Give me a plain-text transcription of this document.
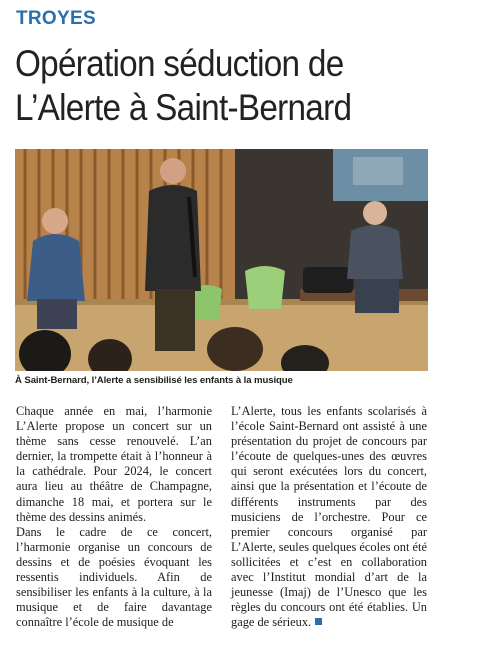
TROYES
Opération séduction de L’Alerte à Saint-Bernard
À Saint-Bernard, l’Alerte a sensibilisé les enfants à la musique

Chaque année en mai, l’harmonie L’Alerte propose un concert sur un thème sans cesse renouvelé. L’an dernier, la trompette était à l’honneur à la cathédrale. Pour 2024, le concert aura lieu au théâtre de Champagne, dimanche 18 mai, et portera sur le thème des dessins animés.

Dans le cadre de ce concert, l’harmonie organise un concours de dessins et de poésies évoquant les ressentis individuels. Afin de sensibiliser les enfants à la culture, à la musique et de faire davantage connaître l’école de musique de

L’Alerte, tous les enfants scolarisés à l’école Saint-Bernard ont assisté à une présentation du projet de concours par l’écoute de quelques-unes des œuvres qui seront exécutées lors du concert, ainsi que la présentation et l’écoute de différents instruments par des musiciens de l’orchestre. Pour ce premier concours organisé par L’Alerte, seules quelques écoles ont été sollicitées et c’est en collaboration avec l’Institut mondial d’art de la jeunesse (Imaj) de l’Unesco que les règles du concours ont été établies. Un gage de sérieux.
